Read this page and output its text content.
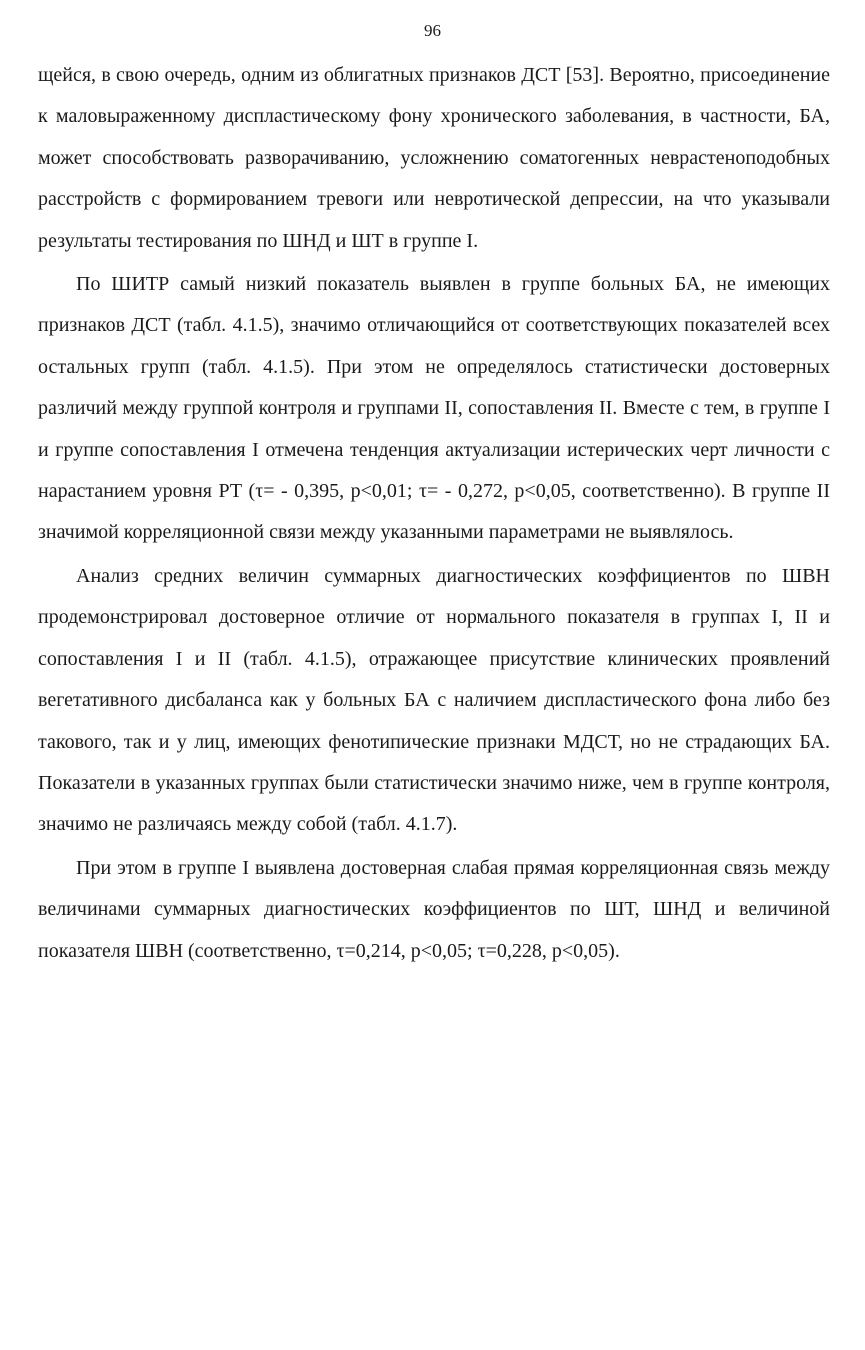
96

щейся, в свою очередь, одним из облигатных признаков ДСТ [53]. Вероятно, присоединение к маловыраженному диспластическому фону хронического заболевания, в частности, БА, может способствовать разворачиванию, усложнению соматогенных неврастеноподобных расстройств с формированием тревоги или невротической депрессии, на что указывали результаты тестирования по ШНД и ШТ в группе I.

По ШИТР самый низкий показатель выявлен в группе больных БА, не имеющих признаков ДСТ (табл. 4.1.5), значимо отличающийся от соответствующих показателей всех остальных групп (табл. 4.1.5). При этом не определялось статистически достоверных различий между группой контроля и группами II, сопоставления II. Вместе с тем, в группе I и группе сопоставления I отмечена тенденция актуализации истерических черт личности с нарастанием уровня РТ (τ= - 0,395, p<0,01; τ= - 0,272, p<0,05, соответственно). В группе II значимой корреляционной связи между указанными параметрами не выявлялось.

Анализ средних величин суммарных диагностических коэффициентов по ШВН продемонстрировал достоверное отличие от нормального показателя в группах I, II и сопоставления I и II (табл. 4.1.5), отражающее присутствие клинических проявлений вегетативного дисбаланса как у больных БА с наличием диспластического фона либо без такового, так и у лиц, имеющих фенотипические признаки МДСТ, но не страдающих БА. Показатели в указанных группах были статистически значимо ниже, чем в группе контроля, значимо не различаясь между собой (табл. 4.1.7).

При этом в группе I выявлена достоверная слабая прямая корреляционная связь между величинами суммарных диагностических коэффициентов по ШТ, ШНД и величиной показателя ШВН (соответственно, τ=0,214, p<0,05; τ=0,228, p<0,05).
